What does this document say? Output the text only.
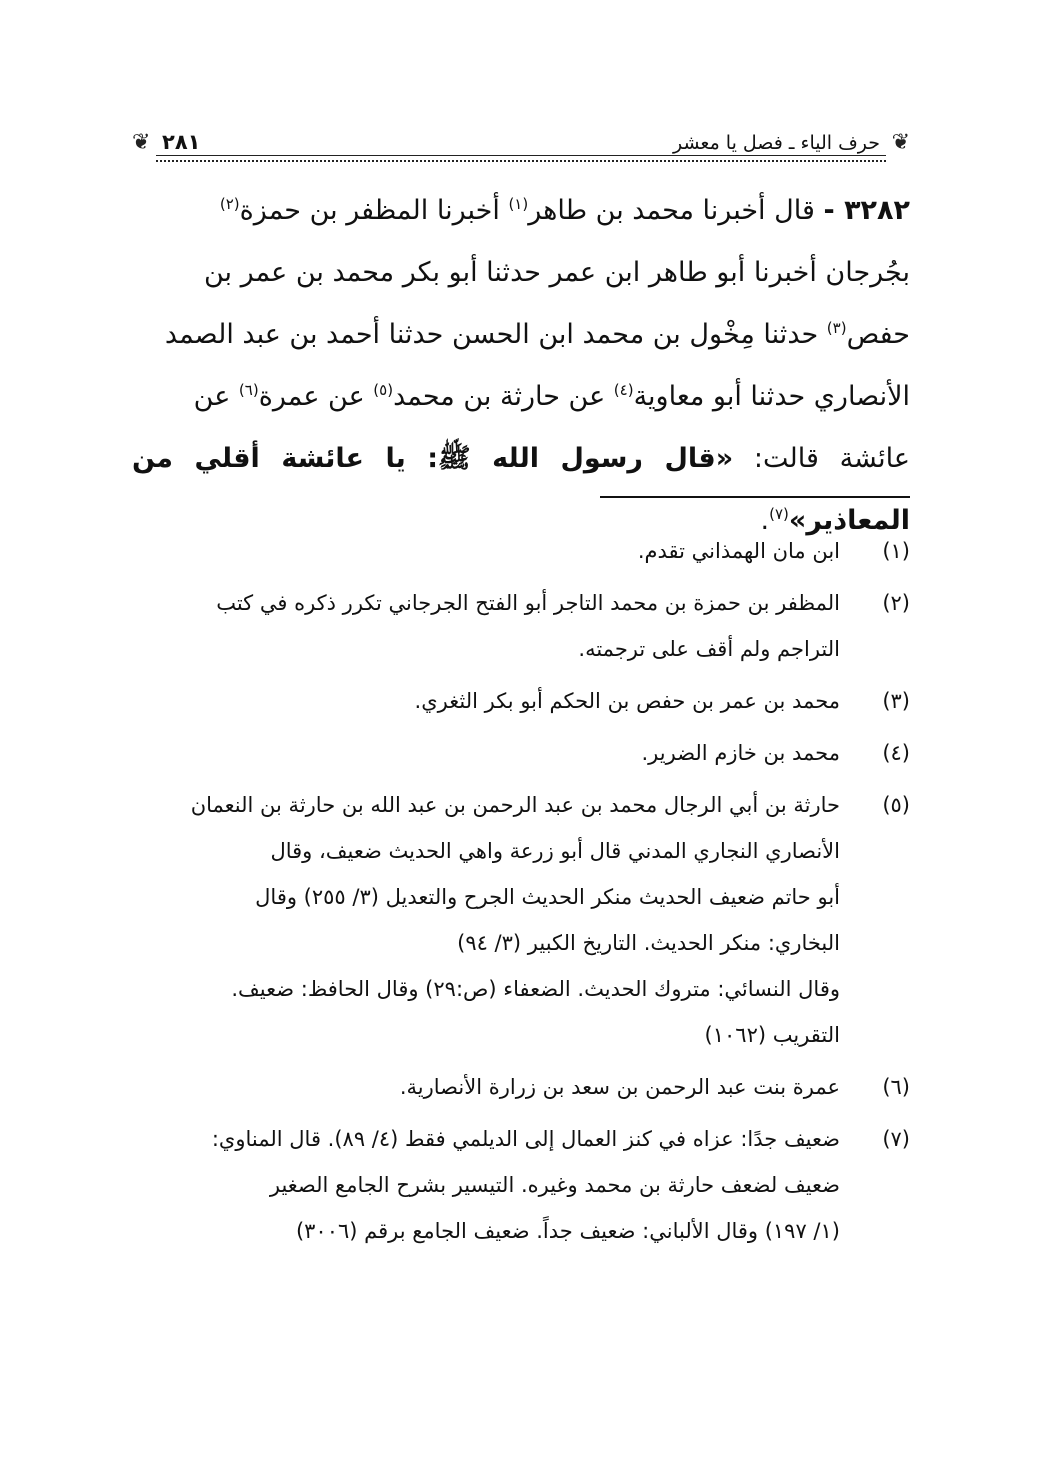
❦
حرف الياء ـ فصل يا معشر
٢٨١
❦
٣٢٨٢ - قال أخبرنا محمد بن طاهر$^{(١)}$ أخبرنا المظفر بن حمزة$^{(٢)}$
بجُرجان أخبرنا أبو طاهر ابن عمر حدثنا أبو بكر محمد بن عمر بن
حفص$^{(٣)}$ حدثنا مِخْول بن محمد ابن الحسن حدثنا أحمد بن عبد الصمد
الأنصاري حدثنا أبو معاوية$^{(٤)}$ عن حارثة بن محمد$^{(٥)}$ عن عمرة$^{(٦)}$ عن
عائشة قالت: «قال رسول الله ﷺ: يا عائشة أقلي من المعاذير»$^{(٧)}$.
(١)
ابن مان الهمذاني تقدم.
(٢)
المظفر بن حمزة بن محمد التاجر أبو الفتح الجرجاني تكرر ذكره في كتب
التراجم ولم أقف على ترجمته.
(٣)
محمد بن عمر بن حفص بن الحكم أبو بكر الثغري.
(٤)
محمد بن خازم الضرير.
(٥)
حارثة بن أبي الرجال محمد بن عبد الرحمن بن عبد الله بن حارثة بن النعمان
الأنصاري النجاري المدني قال أبو زرعة واهي الحديث ضعيف، وقال
أبو حاتم ضعيف الحديث منكر الحديث الجرح والتعديل (٣/ ٢٥٥) وقال
البخاري: منكر الحديث. التاريخ الكبير (٣/ ٩٤)
وقال النسائي: متروك الحديث. الضعفاء (ص:٢٩) وقال الحافظ: ضعيف.
التقريب (١٠٦٢)
(٦)
عمرة بنت عبد الرحمن بن سعد بن زرارة الأنصارية.
(٧)
ضعيف جدًا: عزاه في كنز العمال إلى الديلمي فقط (٤/ ٨٩). قال المناوي:
ضعيف لضعف حارثة بن محمد وغيره. التيسير بشرح الجامع الصغير
(١/ ١٩٧) وقال الألباني: ضعيف جداً. ضعيف الجامع برقم (٣٠٠٦)
